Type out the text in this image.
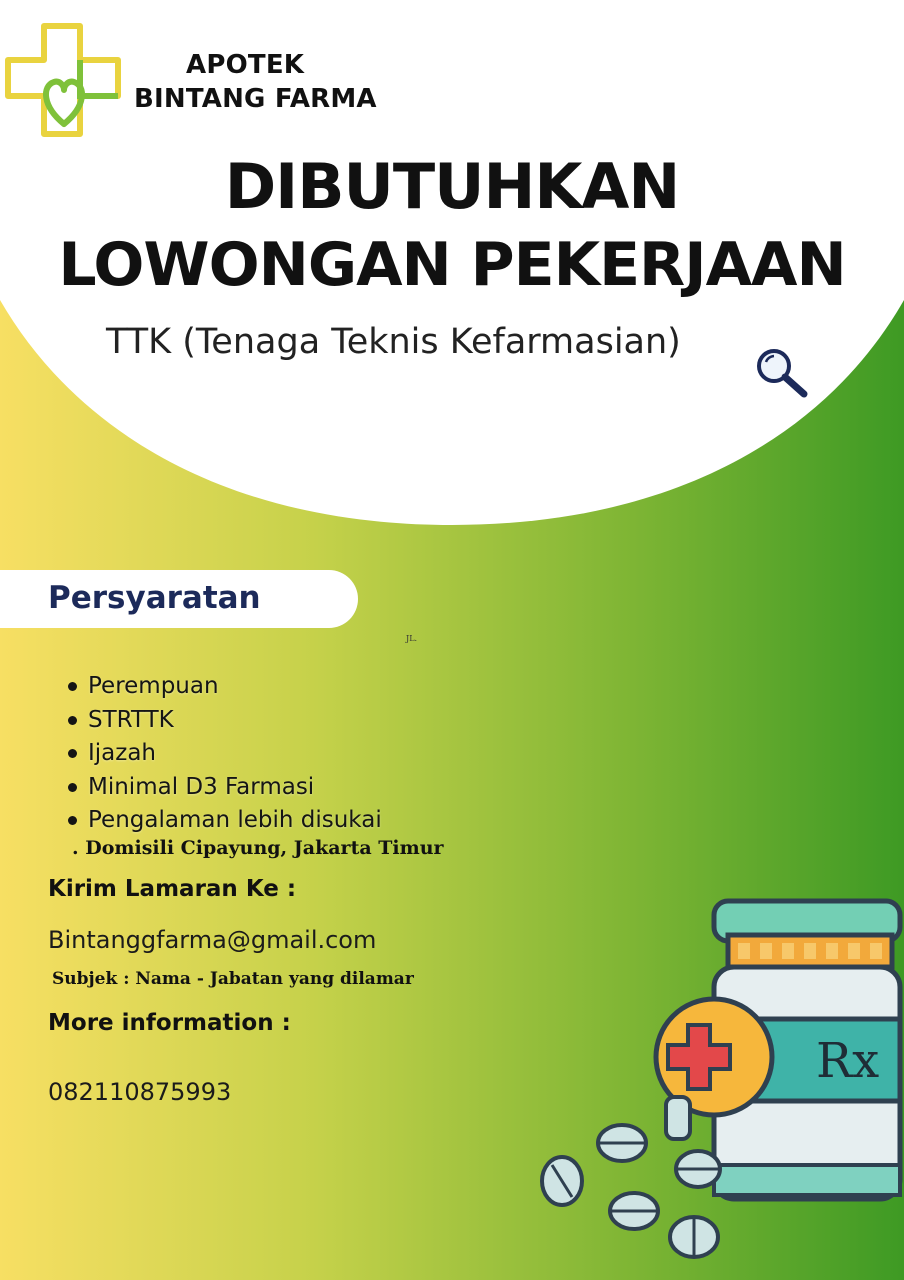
APOTEK
BINTANG FARMA
DIBUTUHKAN
LOWONGAN PEKERJAAN
TTK (Tenaga Teknis Kefarmasian)
Persyaratan
JL.
Perempuan
STRTTK
Ijazah
Minimal D3 Farmasi
Pengalaman lebih disukai
. Domisili Cipayung, Jakarta Timur
Kirim Lamaran Ke :
Bintanggfarma@gmail.com
Subjek : Nama - Jabatan yang dilamar
More information :
082110875993
Rx
